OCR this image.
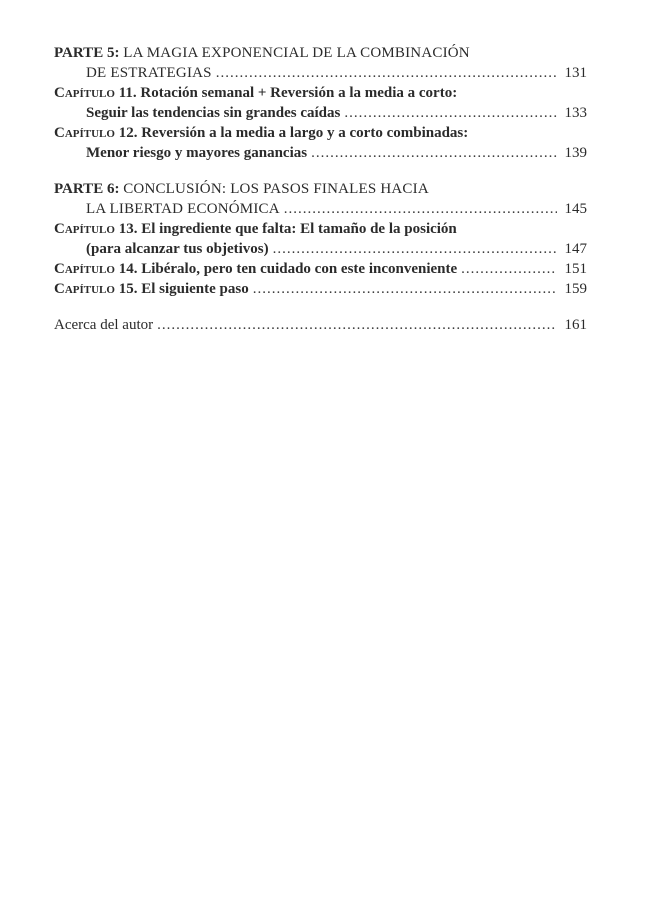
PARTE 5:
LA MAGIA EXPONENCIAL DE LA COMBINACIÓN
DE ESTRATEGIAS .....	131
Capítulo 11.
Rotación semanal + Reversión a la media a corto:
Seguir las tendencias sin grandes caídas .....	133
Capítulo 12.
Reversión a la media a largo y a corto combinadas:
Menor riesgo y mayores ganancias .....	139
PARTE 6:
CONCLUSIÓN: LOS PASOS FINALES HACIA
LA LIBERTAD ECONÓMICA .....	145
Capítulo 13.
El ingrediente que falta: El tamaño de la posición
(para alcanzar tus objetivos) .....	147
Capítulo 14.
Libéralo, pero ten cuidado con este inconveniente .....	151
Capítulo 15.
El siguiente paso .....	159
Acerca del autor .....	161
